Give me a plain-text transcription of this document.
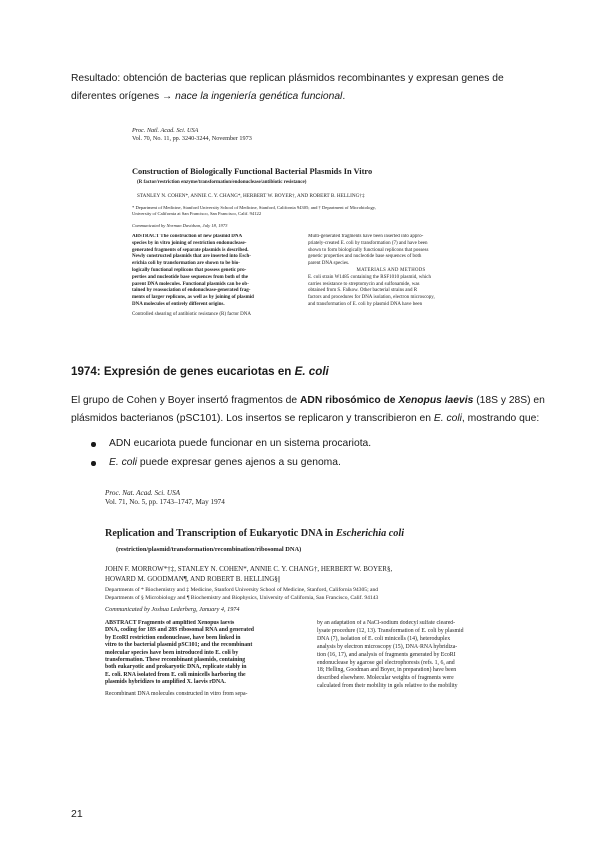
Resultado: obtención de bacterias que replican plásmidos recombinantes y expresan genes de
diferentes orígenes → nace la ingeniería genética funcional.
Proc. Natl. Acad. Sci. USA
Vol. 70, No. 11, pp. 3240-3244, November 1973
Construction of Biologically Functional Bacterial Plasmids In Vitro
(R factor/restriction enzyme/transformation/endonuclease/antibiotic resistance)
STANLEY N. COHEN*, ANNIE C. Y. CHANG*, HERBERT W. BOYER†, AND ROBERT B. HELLING†‡
* Department of Medicine, Stanford University School of Medicine, Stanford, California 94305; and † Department of Microbiology,
University of California at San Francisco, San Francisco, Calif. 94122
Communicated by Norman Davidson, July 18, 1973
ABSTRACT The construction of new plasmid DNA
species by in vitro joining of restriction endonuclease-
generated fragments of separate plasmids is described.
Newly constructed plasmids that are inserted into Esch-
erichia coli by transformation are shown to be bio-
logically functional replicons that possess genetic pro-
perties and nucleotide base sequences from both of the
parent DNA molecules. Functional plasmids can be ob-
tained by reassociation of endonuclease-generated frag-
ments of larger replicons, as well as by joining of plasmid
DNA molecules of entirely different origins.
Controlled shearing of antibiotic resistance (R) factor DNA
Multi-generated fragments have been inserted into appro-
priately-created E. coli by transformation (7) and have been
shown to form biologically functional replicons that possess
genetic properties and nucleotide base sequences of both
parent DNA species.
MATERIALS AND METHODS
E. coli strain W1485 containing the RSF1010 plasmid, which
carries resistance to streptomycin and sulfonamide, was
obtained from S. Falkow. Other bacterial strains and R
factors and procedures for DNA isolation, electron microscopy,
and transformation of E. coli by plasmid DNA have been
1974: Expresión de genes eucariotas en E. coli
El grupo de Cohen y Boyer insertó fragmentos de ADN ribosómico de Xenopus laevis (18S y 28S) en
plásmidos bacterianos (pSC101). Los insertos se replicaron y transcribieron en E. coli, mostrando que:
ADN eucariota puede funcionar en un sistema procariota.
E. coli puede expresar genes ajenos a su genoma.
Proc. Nat. Acad. Sci. USA
Vol. 71, No. 5, pp. 1743–1747, May 1974
Replication and Transcription of Eukaryotic DNA in Escherichia coli
(restriction/plasmid/transformation/recombination/ribosomal DNA)
JOHN F. MORROW*†‡, STANLEY N. COHEN*, ANNIE C. Y. CHANG†, HERBERT W. BOYER§,
HOWARD M. GOODMAN¶, AND ROBERT B. HELLING§||
Departments of * Biochemistry and ‡ Medicine, Stanford University School of Medicine, Stanford, California 94305; and
Departments of § Microbiology and ¶ Biochemistry and Biophysics, University of California, San Francisco, Calif. 94143
Communicated by Joshua Lederberg, January 4, 1974
ABSTRACT Fragments of amplified Xenopus laevis
DNA, coding for 18S and 28S ribosomal RNA and generated
by EcoRI restriction endonuclease, have been linked in
vitro to the bacterial plasmid pSC101; and the recombinant
molecular species have been introduced into E. coli by
transformation. These recombinant plasmids, containing
both eukaryotic and prokaryotic DNA, replicate stably in
E. coli. RNA isolated from E. coli minicells harboring the
plasmids hybridizes to amplified X. laevis rDNA.
Recombinant DNA molecules constructed in vitro from sepa-
by an adaptation of a NaCl-sodium dodecyl sulfate cleared-
lysate procedure (12, 13). Transformation of E. coli by plasmid
DNA (7), isolation of E. coli minicells (14), heteroduplex
analysis by electron microscopy (15), DNA·RNA hybridiza-
tion (16, 17), and analysis of fragments generated by EcoRI
endonuclease by agarose gel electrophoresis (refs. 1, 6, and
18; Helling, Goodman and Boyer, in preparation) have been
described elsewhere. Molecular weights of fragments were
calculated from their mobility in gels relative to the mobility
21
